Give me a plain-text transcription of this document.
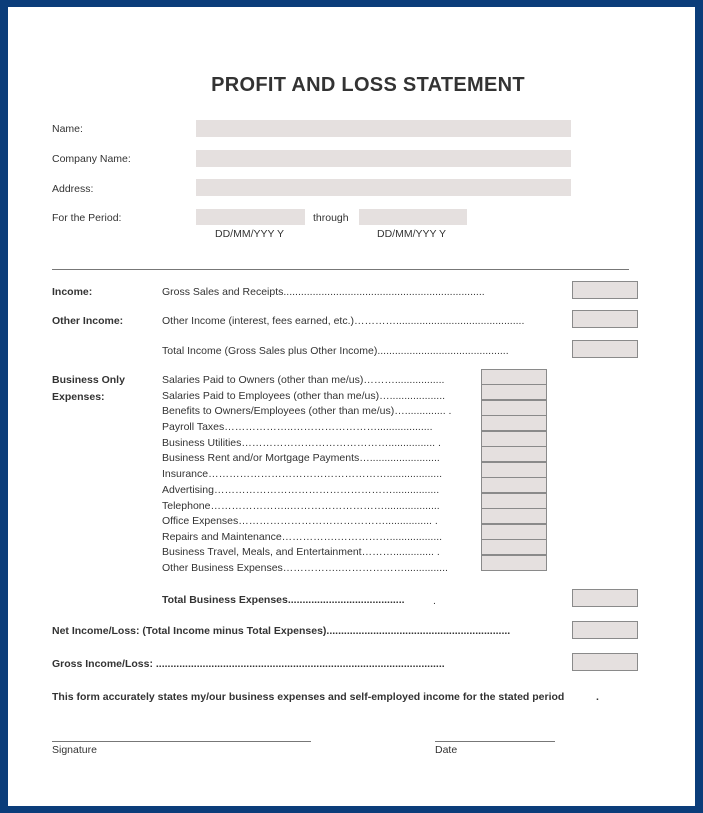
PROFIT AND LOSS STATEMENT
Name:
Company Name:
Address:
For the Period:	through
DD/MM/YYY Y	DD/MM/YYY Y
Income:	Gross Sales and Receipts.....................................................................
Other Income:	Other Income (interest, fees earned, etc.)…………............................................
Total Income (Gross Sales plus Other Income).............................................
Business Only
Expenses:
Salaries Paid to Owners (other than me/us)……….................
Salaries Paid to Employees (other than me/us)…...................
Benefits to Owners/Employees (other than me/us)….............. .
Payroll Taxes………………..……………………...................
Business Utilities……………………………………................ .
Business Rent and/or Mortgage Payments…........................
Insurance……………………………………………...................
Advertising……………………………………………................
Telephone…………………..………………………...................
Office Expenses……………………………………................ .
Repairs and Maintenance…………….……………..................
Business Travel, Meals, and Entertainment……….............. .
Other Business Expenses……………..………………...............
Total Business Expenses........................................	.
Net Income/Loss: (Total Income minus Total Expenses)...............................................................
Gross Income/Loss: ...................................................................................................
This form accurately states my/our business expenses and self-employed income for the stated period	.
Signature	Date
